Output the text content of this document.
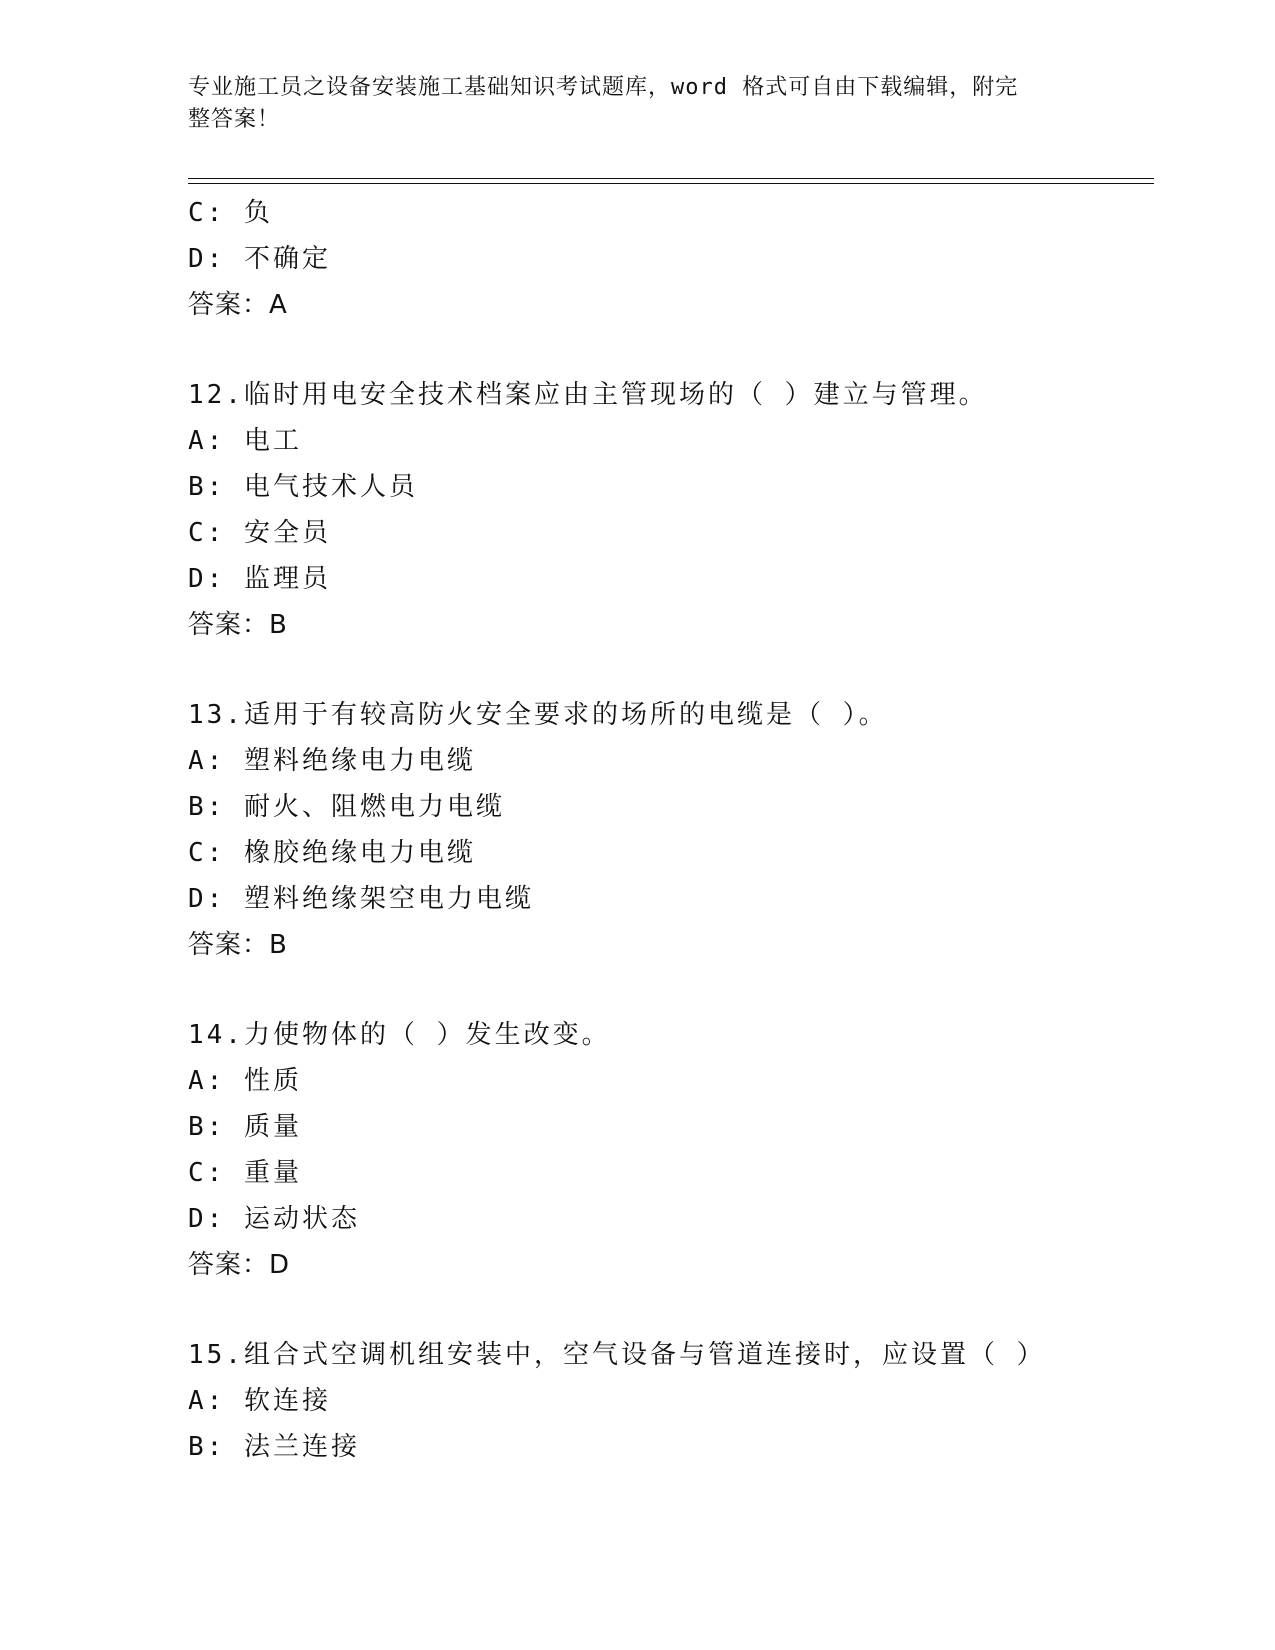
专业施工员之设备安装施工基础知识考试题库，word 格式可自由下载编辑，附完
整答案！
C: 负
D: 不确定
答案：A
12.临时用电安全技术档案应由主管现场的（ ）建立与管理。
A: 电工
B: 电气技术人员
C: 安全员
D: 监理员
答案：B
13.适用于有较高防火安全要求的场所的电缆是（ ）。
A: 塑料绝缘电力电缆
B: 耐火、阻燃电力电缆
C: 橡胶绝缘电力电缆
D: 塑料绝缘架空电力电缆
答案：B
14.力使物体的（ ）发生改变。
A: 性质
B: 质量
C: 重量
D: 运动状态
答案：D
15.组合式空调机组安装中，空气设备与管道连接时，应设置（ ）
A: 软连接
B: 法兰连接
